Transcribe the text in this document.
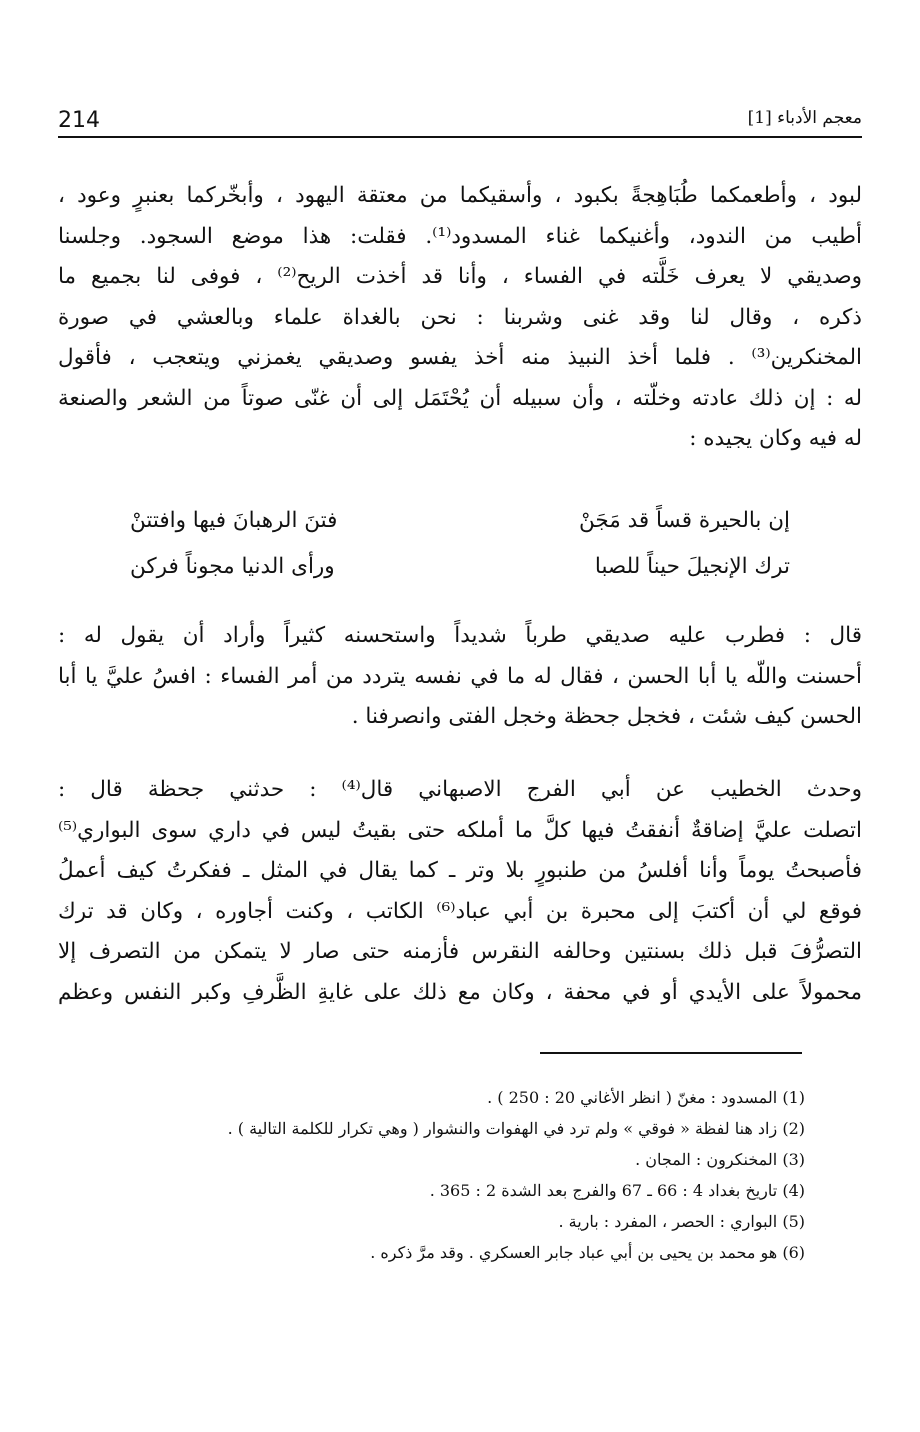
214	معجم الأدباء [1]
لبود ، وأطعمكما طُبَاهِجةً بكبود ، وأسقيكما من معتقة اليهود ، وأبخّركما بعنبرٍ وعود ،
أطيب من الندود، وأغنيكما غناء المسدود⁽¹⁾. فقلت: هذا موضع السجود. وجلسنا
وصديقي لا يعرف خَلَّته في الفساء ، وأنا قد أخذت الريح⁽²⁾ ، فوفى لنا بجميع ما
ذكره ، وقال لنا وقد غنى وشربنا : نحن بالغداة علماء وبالعشي في صورة
المخنكرين⁽³⁾ . فلما أخذ النبيذ منه أخذ يفسو وصديقي يغمزني ويتعجب ، فأقول
له : إن ذلك عادته وخلّته ، وأن سبيله أن يُحْتَمَل إلى أن غنّى صوتاً من الشعر والصنعة
له فيه وكان يجيده :
إن بالحيرة قساً قد مَجَنْ
فتنَ الرهبانَ فيها وافتتنْ
ترك الإنجيلَ حيناً للصبا
ورأى الدنيا مجوناً فركن
قال : فطرب عليه صديقي طرباً شديداً واستحسنه كثيراً وأراد أن يقول له :
أحسنت واللّه يا أبا الحسن ، فقال له ما في نفسه يتردد من أمر الفساء : افسُ عليَّ يا أبا
الحسن كيف شئت ، فخجل جحظة وخجل الفتى وانصرفنا .
وحدث الخطيب عن أبي الفرج الاصبهاني قال⁽⁴⁾ : حدثني جحظة قال :
اتصلت عليَّ إضاقةٌ أنفقتُ فيها كلَّ ما أملكه حتى بقيتُ ليس في داري سوى البواري⁽⁵⁾
فأصبحتُ يوماً وأنا أفلسُ من طنبورٍ بلا وتر ـ كما يقال في المثل ـ ففكرتُ كيف أعملُ
فوقع لي أن أكتبَ إلى محبرة بن أبي عباد⁽⁶⁾ الكاتب ، وكنت أجاوره ، وكان قد ترك
التصرُّفَ قبل ذلك بسنتين وحالفه النقرس فأزمنه حتى صار لا يتمكن من التصرف إلا
محمولاً على الأيدي أو في محفة ، وكان مع ذلك على غايةِ الظَّرفِ وكبر النفس وعظم
(1) المسدود : مغنّ ( انظر الأغاني 20 : 250 ) .
(2) زاد هنا لفظة « فوقي » ولم ترد في الهفوات والنشوار ( وهي تكرار للكلمة التالية ) .
(3) المخنكرون : المجان .
(4) تاريخ بغداد 4 : 66 ـ 67 والفرج بعد الشدة 2 : 365 .
(5) البواري : الحصر ، المفرد : بارية .
(6) هو محمد بن يحيى بن أبي عباد جابر العسكري . وقد مرَّ ذكره .
